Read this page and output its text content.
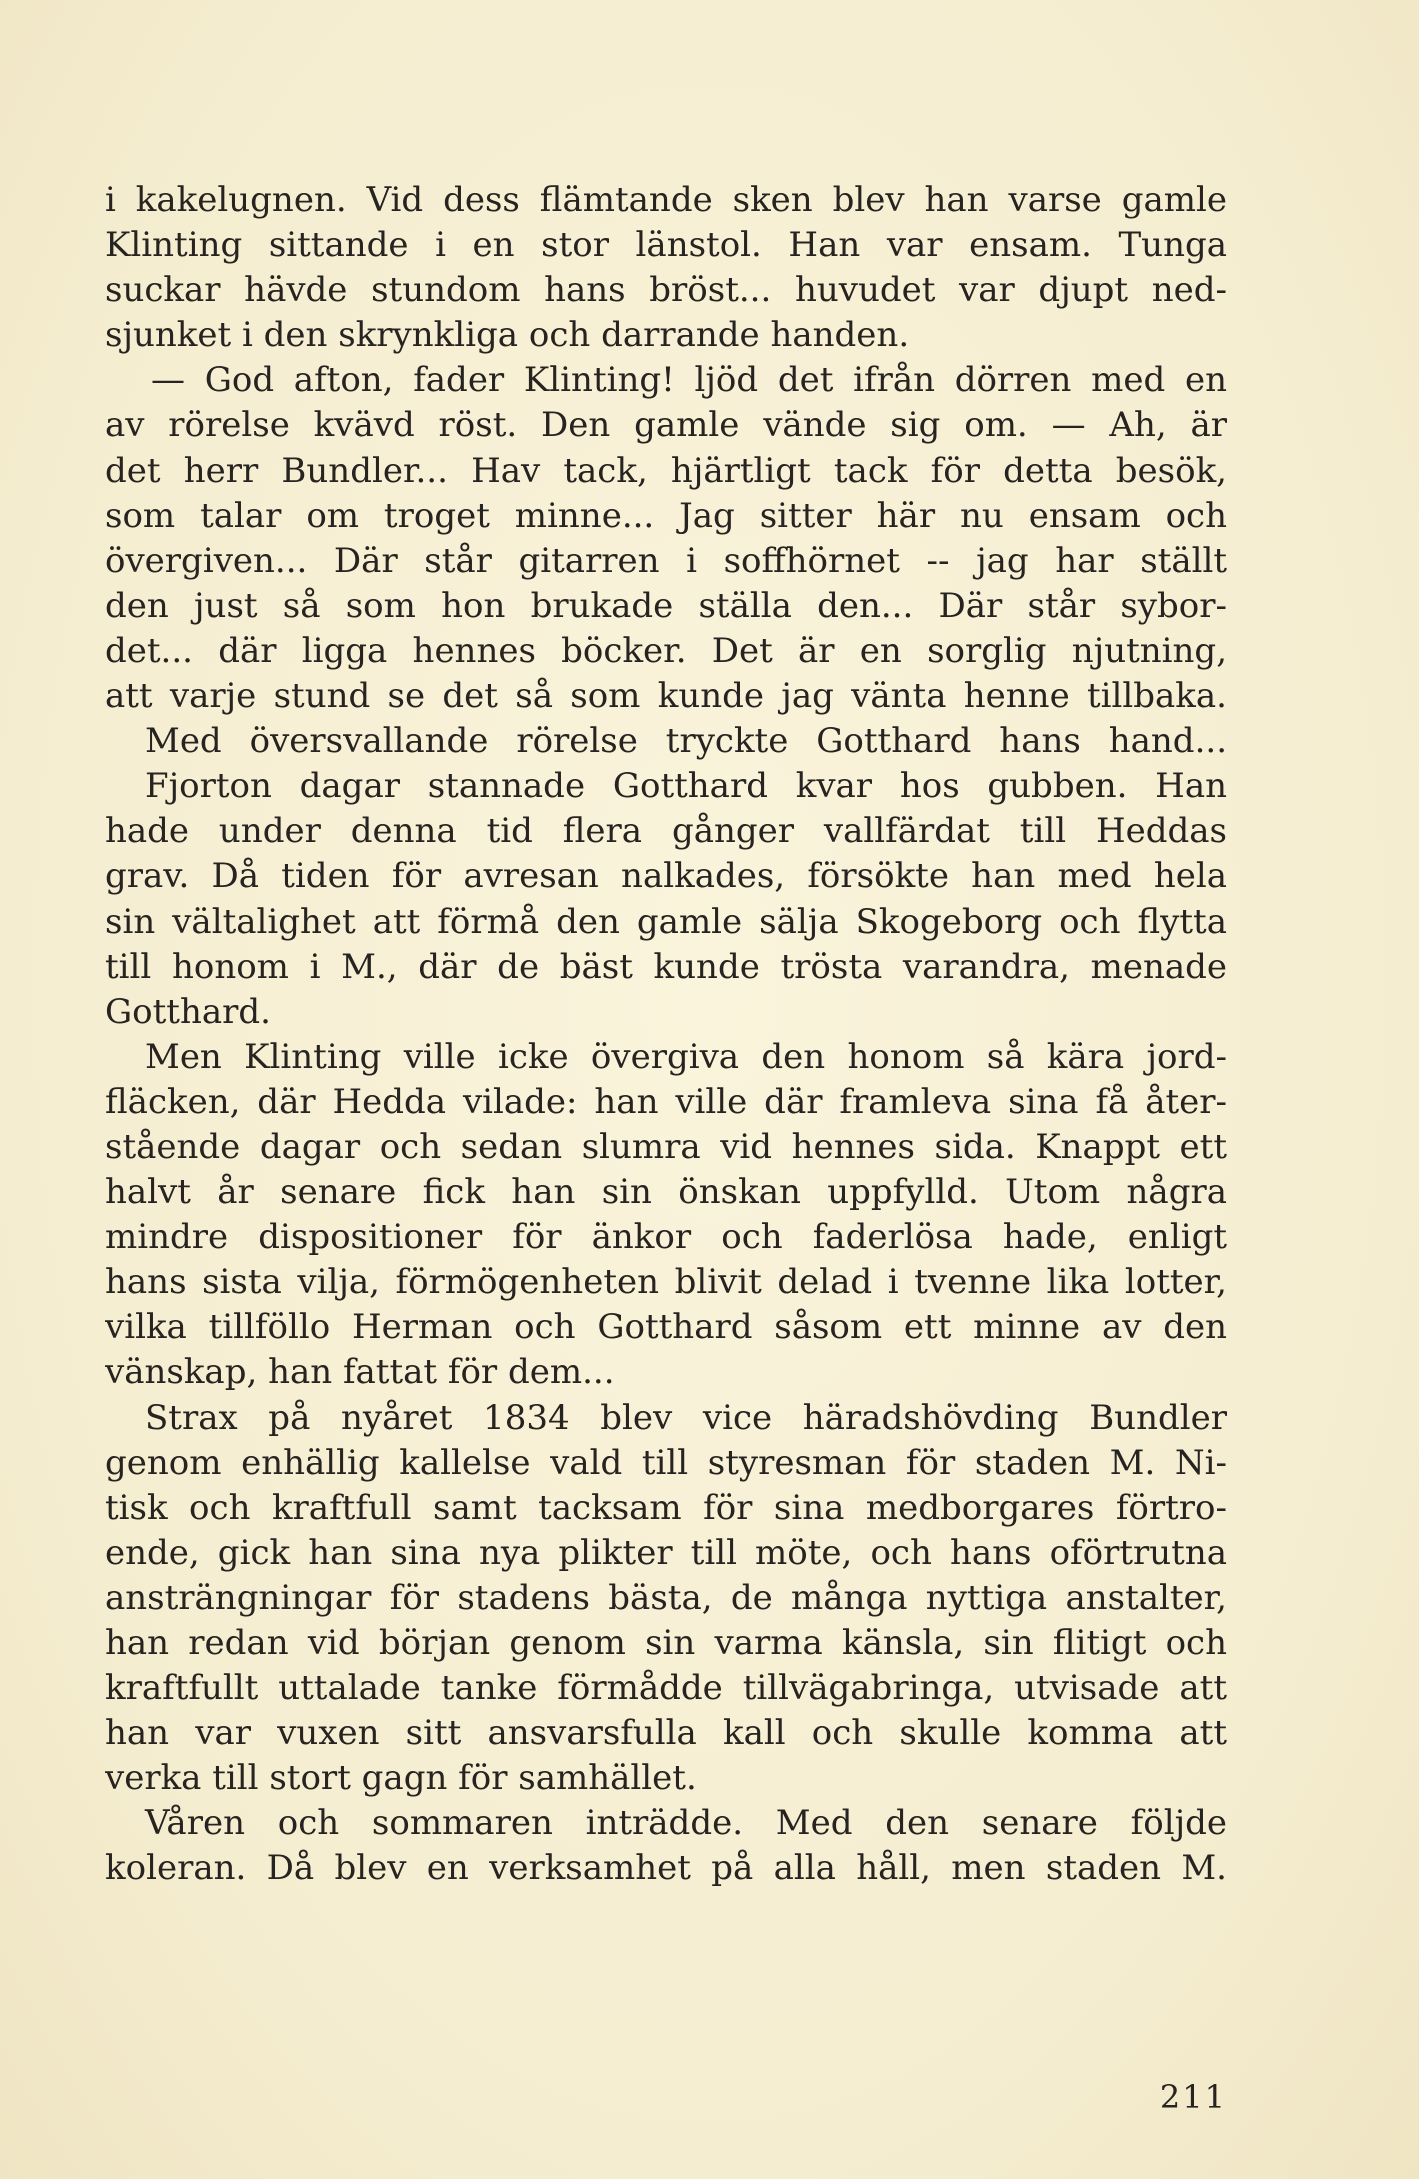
i kakelugnen. Vid dess flämtande sken blev han varse gamle
Klinting sittande i en stor länstol. Han var ensam. Tunga
suckar hävde stundom hans bröst... huvudet var djupt ned-
sjunket i den skrynkliga och darrande handen.
— God afton, fader Klinting! ljöd det ifrån dörren med en
av rörelse kvävd röst. Den gamle vände sig om. — Ah, är
det herr Bundler... Hav tack, hjärtligt tack för detta besök,
som talar om troget minne... Jag sitter här nu ensam och
övergiven... Där står gitarren i soffhörnet -- jag har ställt
den just så som hon brukade ställa den... Där står sybor-
det... där ligga hennes böcker. Det är en sorglig njutning,
att varje stund se det så som kunde jag vänta henne tillbaka.
Med översvallande rörelse tryckte Gotthard hans hand...
Fjorton dagar stannade Gotthard kvar hos gubben. Han
hade under denna tid flera gånger vallfärdat till Heddas
grav. Då tiden för avresan nalkades, försökte han med hela
sin vältalighet att förmå den gamle sälja Skogeborg och flytta
till honom i M., där de bäst kunde trösta varandra, menade
Gotthard.
Men Klinting ville icke övergiva den honom så kära jord-
fläcken, där Hedda vilade: han ville där framleva sina få åter-
stående dagar och sedan slumra vid hennes sida. Knappt ett
halvt år senare fick han sin önskan uppfylld. Utom några
mindre dispositioner för änkor och faderlösa hade, enligt
hans sista vilja, förmögenheten blivit delad i tvenne lika lotter,
vilka tillföllo Herman och Gotthard såsom ett minne av den
vänskap, han fattat för dem...
Strax på nyåret 1834 blev vice häradshövding Bundler
genom enhällig kallelse vald till styresman för staden M. Ni-
tisk och kraftfull samt tacksam för sina medborgares förtro-
ende, gick han sina nya plikter till möte, och hans oförtrutna
ansträngningar för stadens bästa, de många nyttiga anstalter,
han redan vid början genom sin varma känsla, sin flitigt och
kraftfullt uttalade tanke förmådde tillvägabringa, utvisade att
han var vuxen sitt ansvarsfulla kall och skulle komma att
verka till stort gagn för samhället.
Våren och sommaren inträdde. Med den senare följde
koleran. Då blev en verksamhet på alla håll, men staden M.
211
